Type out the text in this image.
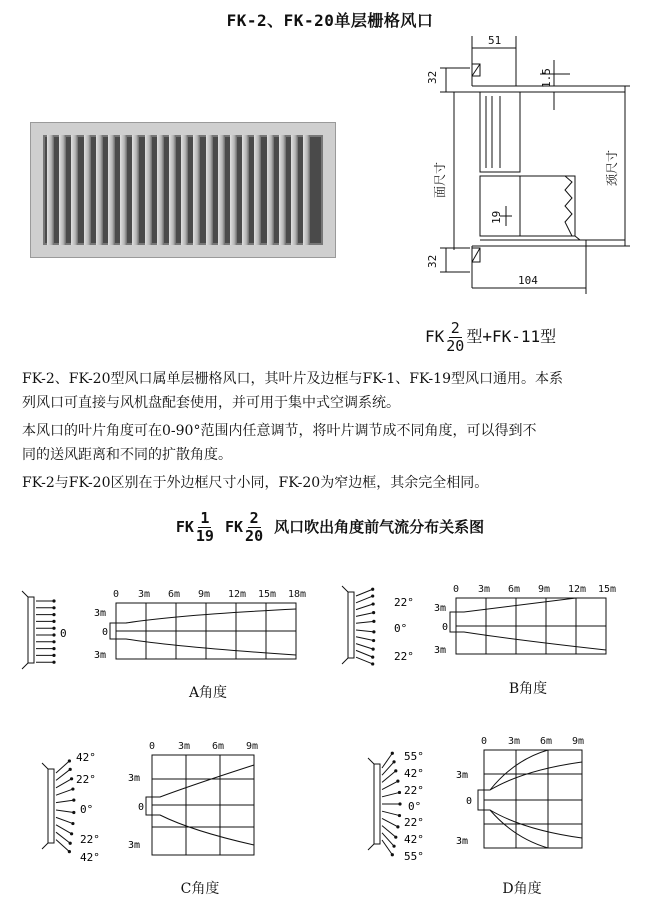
FK-2、FK-20单层栅格风口
51
32	1.5
面尺寸
19
32
颈尺寸
104
FK $\frac{2}{20}$ 型+FK-11型
FK-2、FK-20型风口属单层栅格风口，其叶片及边框与FK-1、FK-19型风口通用。本系
列风口可直接与风机盘配套使用，并可用于集中式空调系统。
本风口的叶片角度可在0-90°范围内任意调节，将叶片调节成不同角度，可以得到不
同的送风距离和不同的扩散角度。
FK-2与FK-20区别在于外边框尺寸小同，FK-20为窄边框，其余完全相同。
FK $\frac{1}{19}$ FK $\frac{2}{20}$ 风口吹出角度前气流分布关系图
0
0 3m 6m 9m 12m 15m 18m
3m
0
3m
A角度
22°
0°
22°
0 3m 6m 9m 12m 15m
3m
0
3m
B角度
42°
22°
0°
22°
42°
0 3m 6m 9m
3m
0
3m
C角度
55°
42°
22°
0°
22°
42°
55°
0 3m 6m 9m
3m
0
3m
D角度
